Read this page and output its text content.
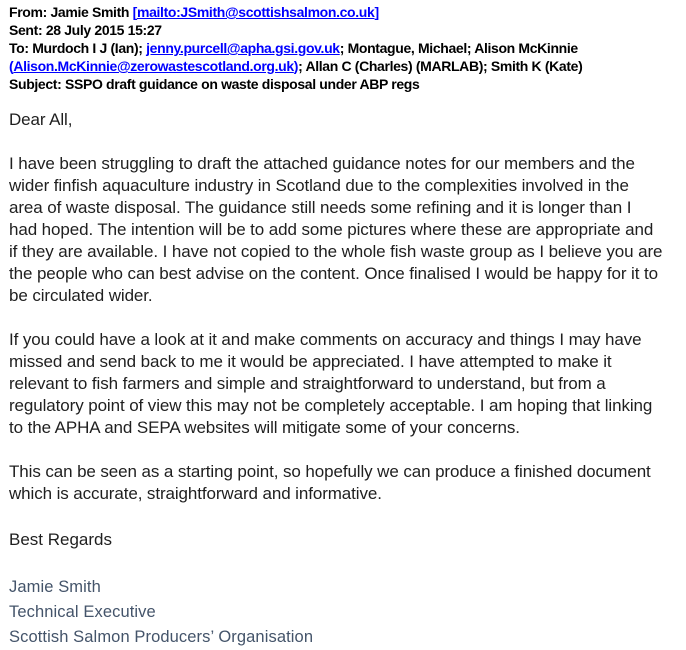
From: Jamie Smith [mailto:JSmith@scottishsalmon.co.uk]
Sent: 28 July 2015 15:27
To: Murdoch I J (Ian); jenny.purcell@apha.gsi.gov.uk; Montague, Michael; Alison McKinnie (Alison.McKinnie@zerowastescotland.org.uk); Allan C (Charles) (MARLAB); Smith K (Kate)
Subject: SSPO draft guidance on waste disposal under ABP regs

Dear All,

I have been struggling to draft the attached guidance notes for our members and the wider finfish aquaculture industry in Scotland due to the complexities involved in the area of waste disposal. The guidance still needs some refining and it is longer than I had hoped. The intention will be to add some pictures where these are appropriate and if they are available. I have not copied to the whole fish waste group as I believe you are the people who can best advise on the content. Once finalised I would be happy for it to be circulated wider.

If you could have a look at it and make comments on accuracy and things I may have missed and send back to me it would be appreciated. I have attempted to make it relevant to fish farmers and simple and straightforward to understand, but from a regulatory point of view this may not be completely acceptable. I am hoping that linking to the APHA and SEPA websites will mitigate some of your concerns.

This can be seen as a starting point, so hopefully we can produce a finished document which is accurate, straightforward and informative.

Best Regards
Jamie Smith
Technical Executive
Scottish Salmon Producers’ Organisation
